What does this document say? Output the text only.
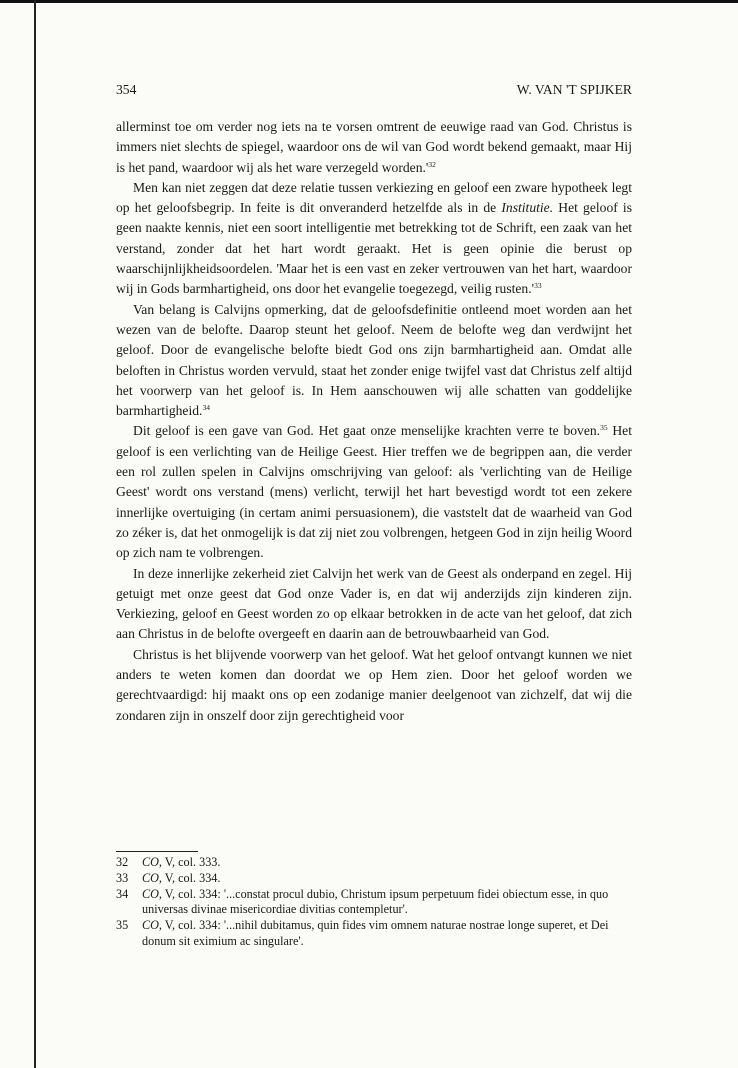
354	W. VAN 'T SPIJKER

allerminst toe om verder nog iets na te vorsen omtrent de eeuwige raad van God. Christus is immers niet slechts de spiegel, waardoor ons de wil van God wordt bekend gemaakt, maar Hij is het pand, waardoor wij als het ware verzegeld $worden.'^{32}$

Men kan niet zeggen dat deze relatie tussen verkiezing en geloof een zware hypotheek legt op het geloofsbegrip. In feite is dit onveranderd hetzelfde als in de Institutie. Het geloof is geen naakte kennis, niet een soort intelligentie met betrekking tot de Schrift, een zaak van het verstand, zonder dat het hart wordt geraakt. Het is geen opinie die berust op waarschijnlijkheidsoordelen. 'Maar het is een vast en zeker vertrouwen van het hart, waardoor wij in Gods barmhartigheid, ons door het evangelie toegezegd, veilig $rusten.'^{33}$

Van belang is Calvijns opmerking, dat de geloofsdefinitie ontleend moet worden aan het wezen van de belofte. Daarop steunt het geloof. Neem de belofte weg dan verdwijnt het geloof. Door de evangelische belofte biedt God ons zijn barmhartigheid aan. Omdat alle beloften in Christus worden vervuld, staat het zonder enige twijfel vast dat Christus zelf altijd het voorwerp van het geloof is. In Hem aanschouwen wij alle schatten van goddelijke barmhartigheid.$^{34}$

Dit geloof is een gave van God. Het gaat onze menselijke krachten verre te boven.$^{35}$ Het geloof is een verlichting van de Heilige Geest. Hier treffen we de begrippen aan, die verder een rol zullen spelen in Calvijns omschrijving van geloof: als 'verlichting van de Heilige Geest' wordt ons verstand (mens) verlicht, terwijl het hart bevestigd wordt tot een zekere innerlijke overtuiging (in certam animi persuasionem), die vaststelt dat de waarheid van God zo zéker is, dat het onmogelijk is dat zij niet zou volbrengen, hetgeen God in zijn heilig Woord op zich nam te volbrengen.

In deze innerlijke zekerheid ziet Calvijn het werk van de Geest als onderpand en zegel. Hij getuigt met onze geest dat God onze Vader is, en dat wij anderzijds zijn kinderen zijn. Verkiezing, geloof en Geest worden zo op elkaar betrokken in de acte van het geloof, dat zich aan Christus in de belofte overgeeft en daarin aan de betrouwbaarheid van God.

Christus is het blijvende voorwerp van het geloof. Wat het geloof ontvangt kunnen we niet anders te weten komen dan doordat we op Hem zien. Door het geloof worden we gerechtvaardigd: hij maakt ons op een zodanige manier deelgenoot van zichzelf, dat wij die zondaren zijn in onszelf door zijn gerechtigheid voor

32	CO, V, col. 333.
33	CO, V, col. 334.
34	CO, V, col. 334: '...constat procul dubio, Christum ipsum perpetuum fidei obiectum esse, in quo universas divinae misericordiae divitias contempletur'.
35	CO, V, col. 334: '...nihil dubitamus, quin fides vim omnem naturae nostrae longe superet, et Dei donum sit eximium ac singulare'.
